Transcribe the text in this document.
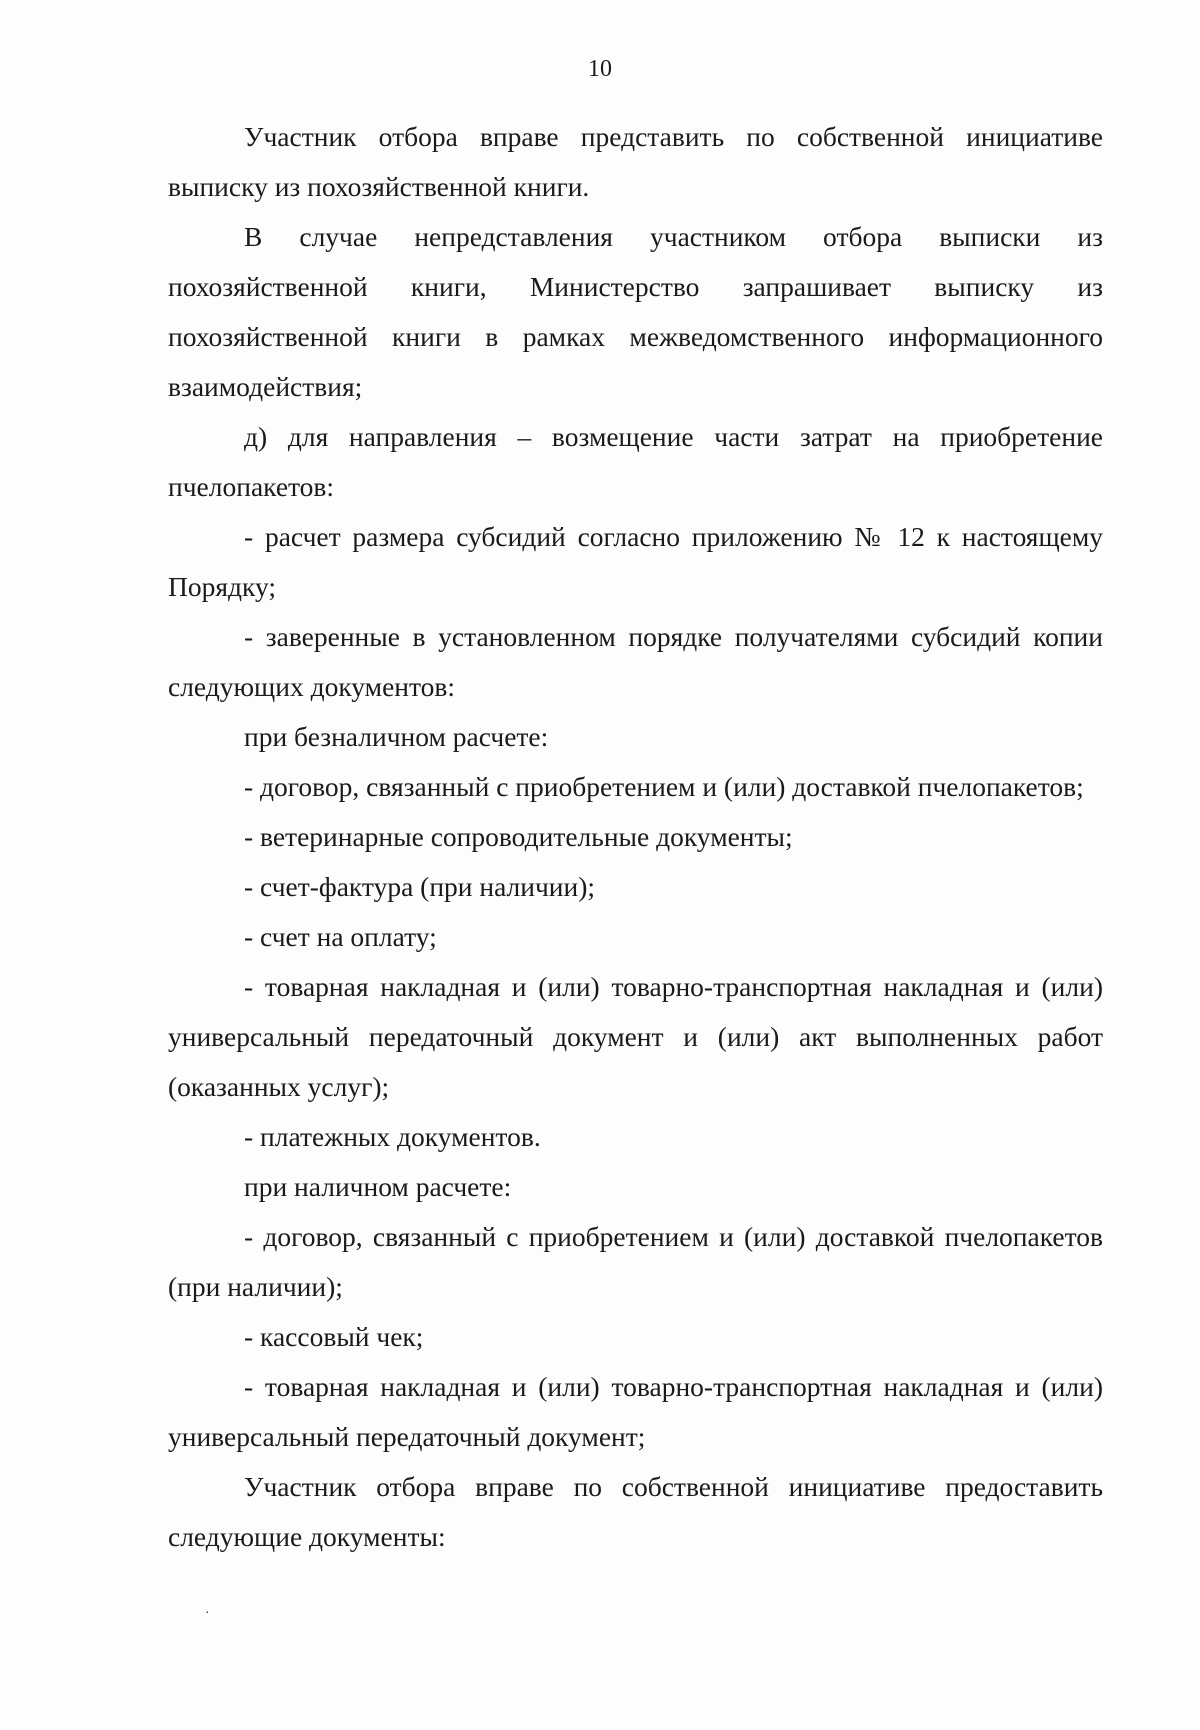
10

Участник отбора вправе представить по собственной инициативе выписку из похозяйственной книги.

В случае непредставления участником отбора выписки из похозяйственной книги, Министерство запрашивает выписку из похозяйственной книги в рамках межведомственного информационного взаимодействия;

д) для направления – возмещение части затрат на приобретение пчелопакетов:

- расчет размера субсидий согласно приложению № 12 к настоящему Порядку;

- заверенные в установленном порядке получателями субсидий копии следующих документов:

при безналичном расчете:

- договор, связанный с приобретением и (или) доставкой пчелопакетов;

- ветеринарные сопроводительные документы;

- счет-фактура (при наличии);

- счет на оплату;

- товарная накладная и (или) товарно-транспортная накладная и (или) универсальный передаточный документ и (или) акт выполненных работ (оказанных услуг);

- платежных документов.

при наличном расчете:

- договор, связанный с приобретением и (или) доставкой пчелопакетов (при наличии);

- кассовый чек;

- товарная накладная и (или) товарно-транспортная накладная и (или) универсальный передаточный документ;

Участник отбора вправе по собственной инициативе предоставить следующие документы:

·
